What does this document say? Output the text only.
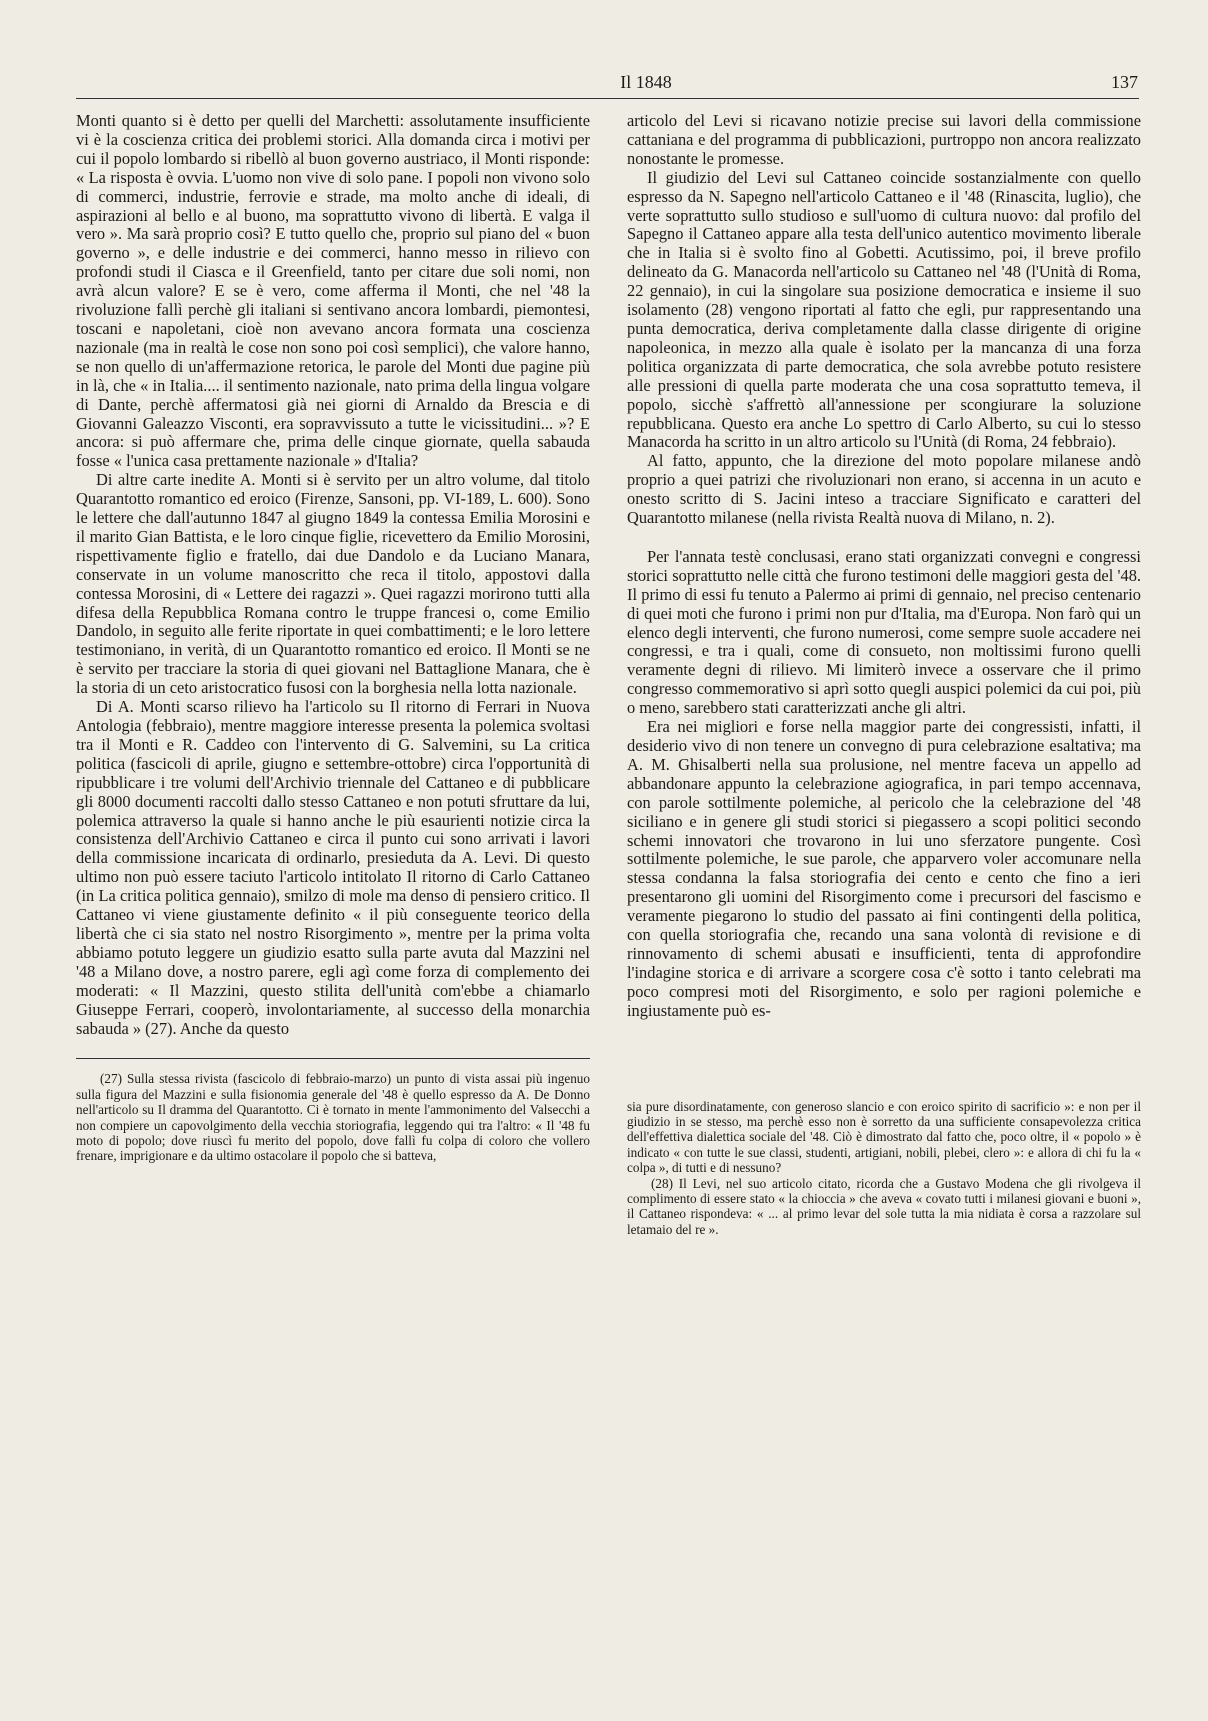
Il 1848	137

Monti quanto si è detto per quelli del Marchetti: assolutamente insufficiente vi è la coscienza critica dei problemi storici. Alla domanda circa i motivi per cui il popolo lombardo si ribellò al buon governo austriaco, il Monti risponde: « La risposta è ovvia. L'uomo non vive di solo pane. I popoli non vivono solo di commerci, industrie, ferrovie e strade, ma molto anche di ideali, di aspirazioni al bello e al buono, ma soprattutto vivono di libertà. E valga il vero ». Ma sarà proprio così? E tutto quello che, proprio sul piano del « buon governo », e delle industrie e dei commerci, hanno messo in rilievo con profondi studi il Ciasca e il Greenfield, tanto per citare due soli nomi, non avrà alcun valore? E se è vero, come afferma il Monti, che nel '48 la rivoluzione fallì perchè gli italiani si sentivano ancora lombardi, piemontesi, toscani e napoletani, cioè non avevano ancora formata una coscienza nazionale (ma in realtà le cose non sono poi così semplici), che valore hanno, se non quello di un'affermazione retorica, le parole del Monti due pagine più in là, che « in Italia.... il sentimento nazionale, nato prima della lingua volgare di Dante, perchè affermatosi già nei giorni di Arnaldo da Brescia e di Giovanni Galeazzo Visconti, era sopravvissuto a tutte le vicissitudini... »? E ancora: si può affermare che, prima delle cinque giornate, quella sabauda fosse « l'unica casa prettamente nazionale » d'Italia?

Di altre carte inedite A. Monti si è servito per un altro volume, dal titolo Quarantotto romantico ed eroico (Firenze, Sansoni, pp. VI-189, L. 600). Sono le lettere che dall'autunno 1847 al giugno 1849 la contessa Emilia Morosini e il marito Gian Battista, e le loro cinque figlie, ricevettero da Emilio Morosini, rispettivamente figlio e fratello, dai due Dandolo e da Luciano Manara, conservate in un volume manoscritto che reca il titolo, appostovi dalla contessa Morosini, di « Lettere dei ragazzi ». Quei ragazzi morirono tutti alla difesa della Repubblica Romana contro le truppe francesi o, come Emilio Dandolo, in seguito alle ferite riportate in quei combattimenti; e le loro lettere testimoniano, in verità, di un Quarantotto romantico ed eroico. Il Monti se ne è servito per tracciare la storia di quei giovani nel Battaglione Manara, che è la storia di un ceto aristocratico fusosi con la borghesia nella lotta nazionale.

Di A. Monti scarso rilievo ha l'articolo su Il ritorno di Ferrari in Nuova Antologia (febbraio), mentre maggiore interesse presenta la polemica svoltasi tra il Monti e R. Caddeo con l'intervento di G. Salvemini, su La critica politica (fascicoli di aprile, giugno e settembre-ottobre) circa l'opportunità di ripubblicare i tre volumi dell'Archivio triennale del Cattaneo e di pubblicare gli 8000 documenti raccolti dallo stesso Cattaneo e non potuti sfruttare da lui, polemica attraverso la quale si hanno anche le più esaurienti notizie circa la consistenza dell'Archivio Cattaneo e circa il punto cui sono arrivati i lavori della commissione incaricata di ordinarlo, presieduta da A. Levi. Di questo ultimo non può essere taciuto l'articolo intitolato Il ritorno di Carlo Cattaneo (in La critica politica gennaio), smilzo di mole ma denso di pensiero critico. Il Cattaneo vi viene giustamente definito « il più conseguente teorico della libertà che ci sia stato nel nostro Risorgimento », mentre per la prima volta abbiamo potuto leggere un giudizio esatto sulla parte avuta dal Mazzini nel '48 a Milano dove, a nostro parere, egli agì come forza di complemento dei moderati: « Il Mazzini, questo stilita dell'unità com'ebbe a chiamarlo Giuseppe Ferrari, cooperò, involontariamente, al successo della monarchia sabauda » (27). Anche da questo

(27) Sulla stessa rivista (fascicolo di febbraio-marzo) un punto di vista assai più ingenuo sulla figura del Mazzini e sulla fisionomia generale del '48 è quello espresso da A. De Donno nell'articolo su Il dramma del Quarantotto. Ci è tornato in mente l'ammonimento del Valsecchi a non compiere un capovolgimento della vecchia storiografia, leggendo qui tra l'altro: « Il '48 fu moto di popolo; dove riuscì fu merito del popolo, dove fallì fu colpa di coloro che vollero frenare, imprigionare e da ultimo ostacolare il popolo che si batteva,

articolo del Levi si ricavano notizie precise sui lavori della commissione cattaniana e del programma di pubblicazioni, purtroppo non ancora realizzato nonostante le promesse.

Il giudizio del Levi sul Cattaneo coincide sostanzialmente con quello espresso da N. Sapegno nell'articolo Cattaneo e il '48 (Rinascita, luglio), che verte soprattutto sullo studioso e sull'uomo di cultura nuovo: dal profilo del Sapegno il Cattaneo appare alla testa dell'unico autentico movimento liberale che in Italia si è svolto fino al Gobetti. Acutissimo, poi, il breve profilo delineato da G. Manacorda nell'articolo su Cattaneo nel '48 (l'Unità di Roma, 22 gennaio), in cui la singolare sua posizione democratica e insieme il suo isolamento (28) vengono riportati al fatto che egli, pur rappresentando una punta democratica, deriva completamente dalla classe dirigente di origine napoleonica, in mezzo alla quale è isolato per la mancanza di una forza politica organizzata di parte democratica, che sola avrebbe potuto resistere alle pressioni di quella parte moderata che una cosa soprattutto temeva, il popolo, sicchè s'affrettò all'annessione per scongiurare la soluzione repubblicana. Questo era anche Lo spettro di Carlo Alberto, su cui lo stesso Manacorda ha scritto in un altro articolo su l'Unità (di Roma, 24 febbraio).

Al fatto, appunto, che la direzione del moto popolare milanese andò proprio a quei patrizi che rivoluzionari non erano, si accenna in un acuto e onesto scritto di S. Jacini inteso a tracciare Significato e caratteri del Quarantotto milanese (nella rivista Realtà nuova di Milano, n. 2).

Per l'annata testè conclusasi, erano stati organizzati convegni e congressi storici soprattutto nelle città che furono testimoni delle maggiori gesta del '48. Il primo di essi fu tenuto a Palermo ai primi di gennaio, nel preciso centenario di quei moti che furono i primi non pur d'Italia, ma d'Europa. Non farò qui un elenco degli interventi, che furono numerosi, come sempre suole accadere nei congressi, e tra i quali, come di consueto, non moltissimi furono quelli veramente degni di rilievo. Mi limiterò invece a osservare che il primo congresso commemorativo si aprì sotto quegli auspici polemici da cui poi, più o meno, sarebbero stati caratterizzati anche gli altri.

Era nei migliori e forse nella maggior parte dei congressisti, infatti, il desiderio vivo di non tenere un convegno di pura celebrazione esaltativa; ma A. M. Ghisalberti nella sua prolusione, nel mentre faceva un appello ad abbandonare appunto la celebrazione agiografica, in pari tempo accennava, con parole sottilmente polemiche, al pericolo che la celebrazione del '48 siciliano e in genere gli studi storici si piegassero a scopi politici secondo schemi innovatori che trovarono in lui uno sferzatore pungente. Così sottilmente polemiche, le sue parole, che apparvero voler accomunare nella stessa condanna la falsa storiografia dei cento e cento che fino a ieri presentarono gli uomini del Risorgimento come i precursori del fascismo e veramente piegarono lo studio del passato ai fini contingenti della politica, con quella storiografia che, recando una sana volontà di revisione e di rinnovamento di schemi abusati e insufficienti, tenta di approfondire l'indagine storica e di arrivare a scorgere cosa c'è sotto i tanto celebrati ma poco compresi moti del Risorgimento, e solo per ragioni polemiche e ingiustamente può es-

sia pure disordinatamente, con generoso slancio e con eroico spirito di sacrificio »: e non per il giudizio in se stesso, ma perchè esso non è sorretto da una sufficiente consapevolezza critica dell'effettiva dialettica sociale del '48. Ciò è dimostrato dal fatto che, poco oltre, il « popolo » è indicato « con tutte le sue classi, studenti, artigiani, nobili, plebei, clero »: e allora di chi fu la « colpa », di tutti e di nessuno?

(28) Il Levi, nel suo articolo citato, ricorda che a Gustavo Modena che gli rivolgeva il complimento di essere stato « la chioccia » che aveva « covato tutti i milanesi giovani e buoni », il Cattaneo rispondeva: « ... al primo levar del sole tutta la mia nidiata è corsa a razzolare sul letamaio del re ».
